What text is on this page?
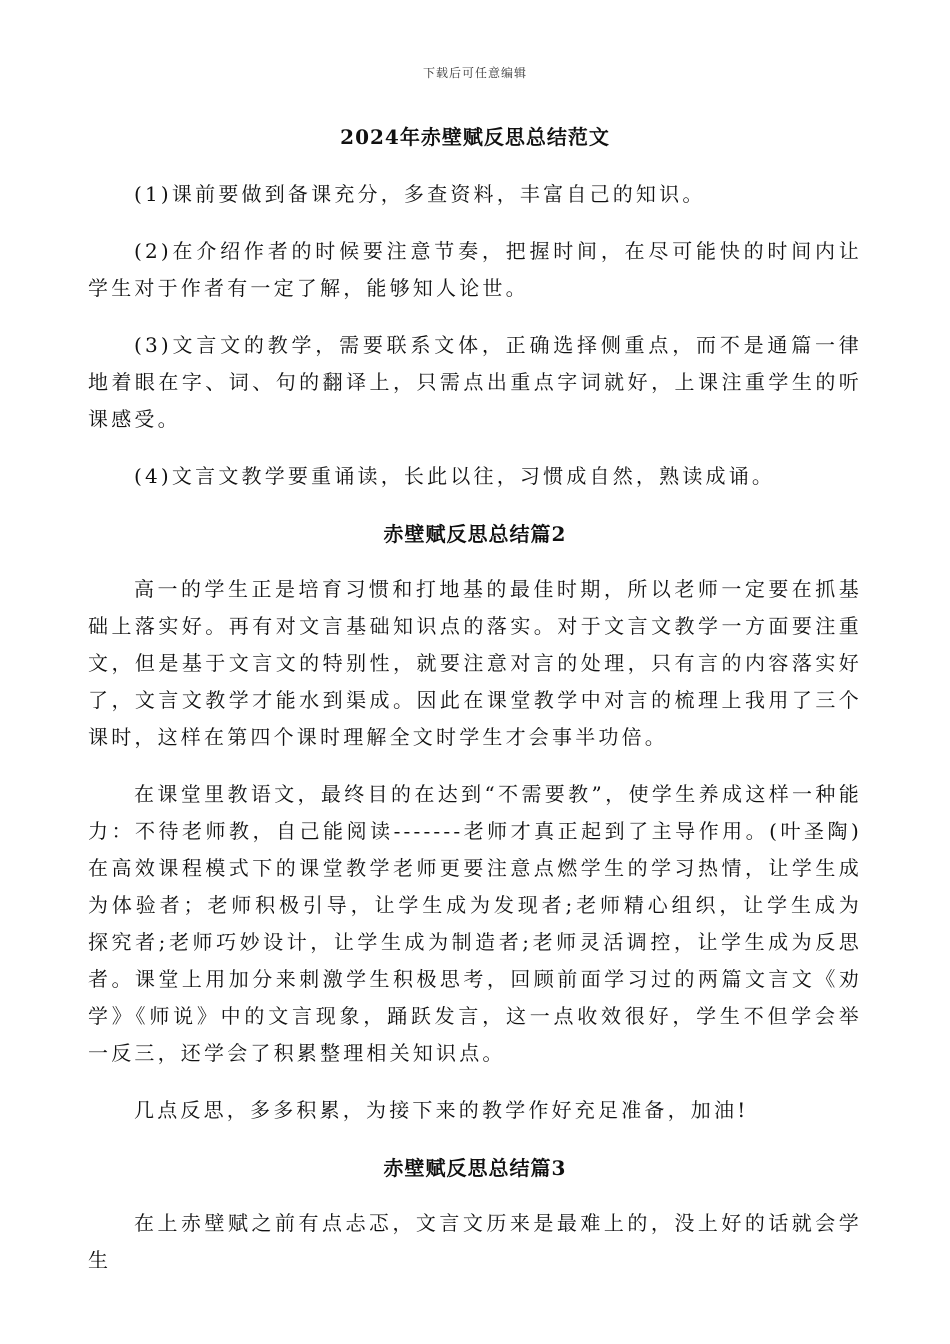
下载后可任意编辑
2024年赤壁赋反思总结范文

(1)课前要做到备课充分，多查资料，丰富自己的知识。

(2)在介绍作者的时候要注意节奏，把握时间，在尽可能快的时间内让学生对于作者有一定了解，能够知人论世。

(3)文言文的教学，需要联系文体，正确选择侧重点，而不是通篇一律地着眼在字、词、句的翻译上，只需点出重点字词就好，上课注重学生的听课感受。

(4)文言文教学要重诵读，长此以往，习惯成自然，熟读成诵。

赤壁赋反思总结篇2

高一的学生正是培育习惯和打地基的最佳时期，所以老师一定要在抓基础上落实好。再有对文言基础知识点的落实。对于文言文教学一方面要注重文，但是基于文言文的特别性，就要注意对言的处理，只有言的内容落实好了，文言文教学才能水到渠成。因此在课堂教学中对言的梳理上我用了三个课时，这样在第四个课时理解全文时学生才会事半功倍。

在课堂里教语文，最终目的在达到“不需要教”，使学生养成这样一种能力：不待老师教，自己能阅读-------老师才真正起到了主导作用。(叶圣陶)在高效课程模式下的课堂教学老师更要注意点燃学生的学习热情，让学生成为体验者；老师积极引导，让学生成为发现者;老师精心组织，让学生成为探究者;老师巧妙设计，让学生成为制造者;老师灵活调控，让学生成为反思者。课堂上用加分来刺激学生积极思考，回顾前面学习过的两篇文言文《劝学》《师说》中的文言现象，踊跃发言，这一点收效很好，学生不但学会举一反三，还学会了积累整理相关知识点。

几点反思，多多积累，为接下来的教学作好充足准备，加油!

赤壁赋反思总结篇3

在上赤壁赋之前有点忐忑，文言文历来是最难上的，没上好的话就会学生
